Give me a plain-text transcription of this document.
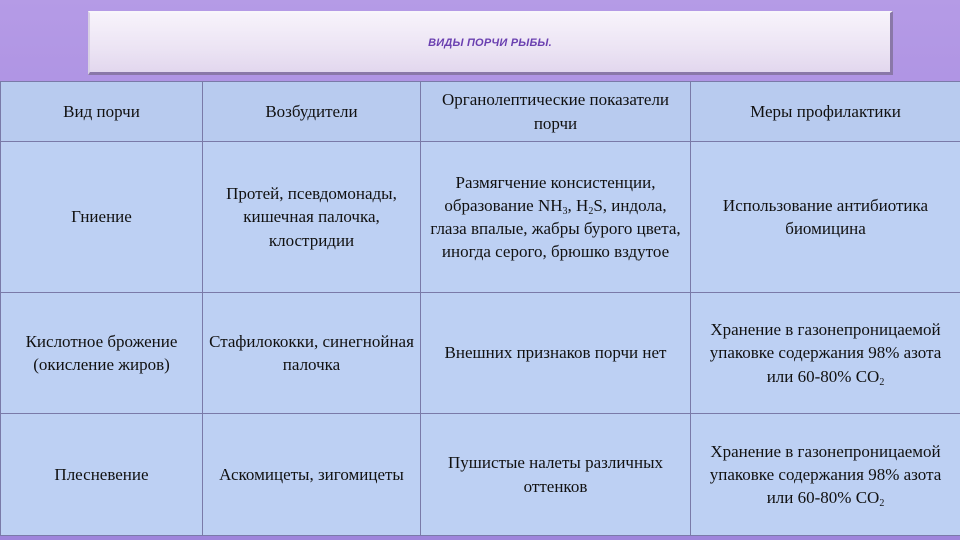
ВИДЫ ПОРЧИ РЫБЫ.
Вид порчи	Возбудители	Органолептические показатели порчи	Меры профилактики
Гниение	Протей, псевдомонады, кишечная палочка, клостридии	Размягчение консистенции, образование $NH_3$, $H_2S$, индола, глаза впалые, жабры бурого цвета, иногда серого, брюшко вздутое	Использование антибиотика биомицина
Кислотное брожение (окисление жиров)	Стафилококки, синегнойная палочка	Внешних признаков порчи нет	Хранение в газонепроницаемой упаковке содержания 98% азота или 60-80% $CO_2$
Плесневение	Аскомицеты, зигомицеты	Пушистые налеты различных оттенков	Хранение в газонепроницаемой упаковке содержания 98% азота или 60-80% $CO_2$
